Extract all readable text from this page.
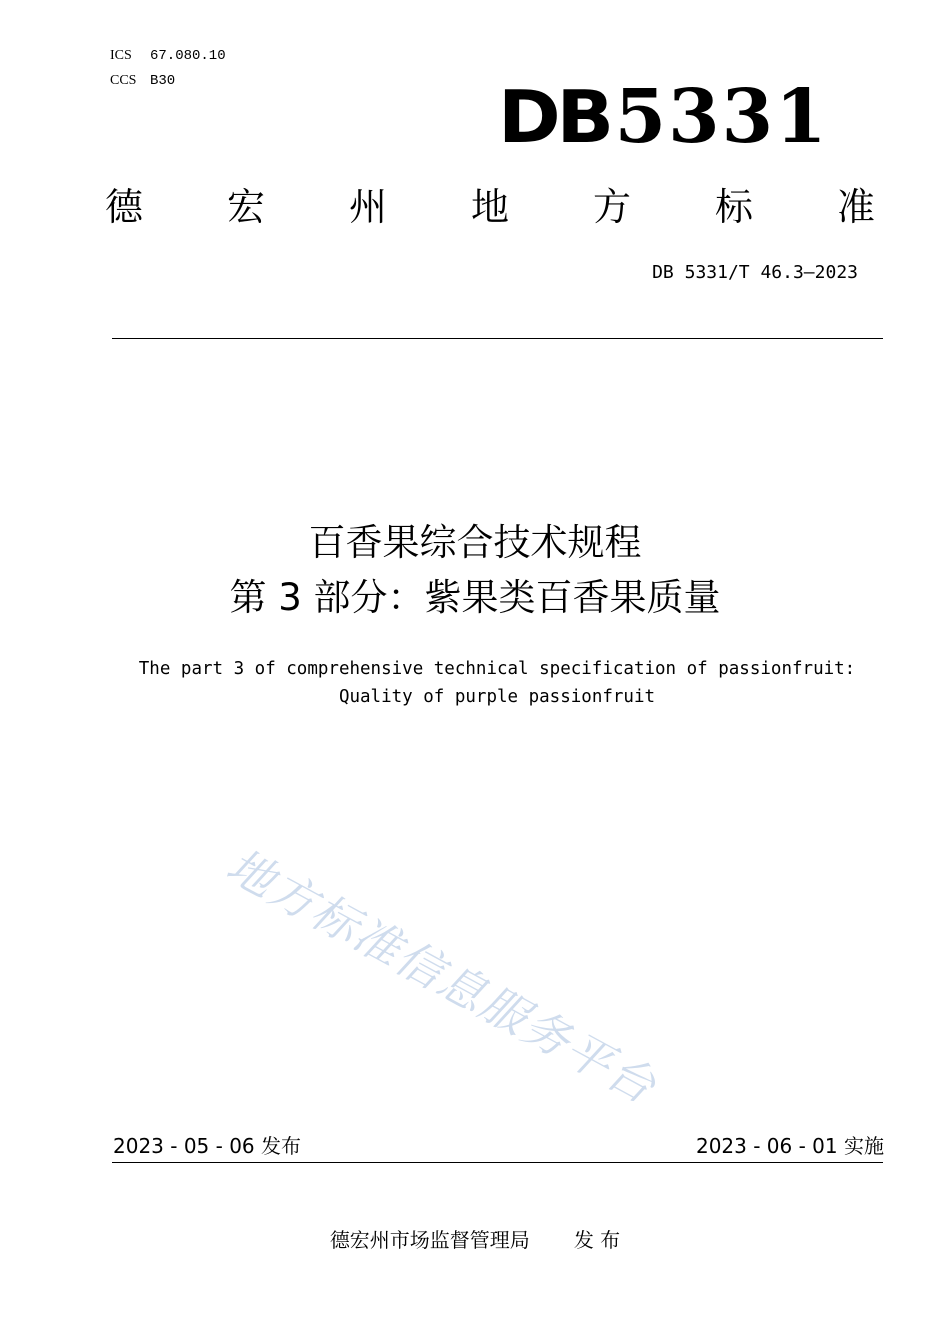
ICS 67.080.10
CCS B30	DB5331
德 宏 州 地 方 标 准
DB 5331/T 46.3—2023
百香果综合技术规程
第 3 部分：紫果类百香果质量
The part 3 of comprehensive technical specification of passionfruit:
Quality of purple passionfruit
地方标准信息服务平台
2023 - 05 - 06 发布	2023 - 06 - 01 实施
德宏州市场监督管理局 发 布
